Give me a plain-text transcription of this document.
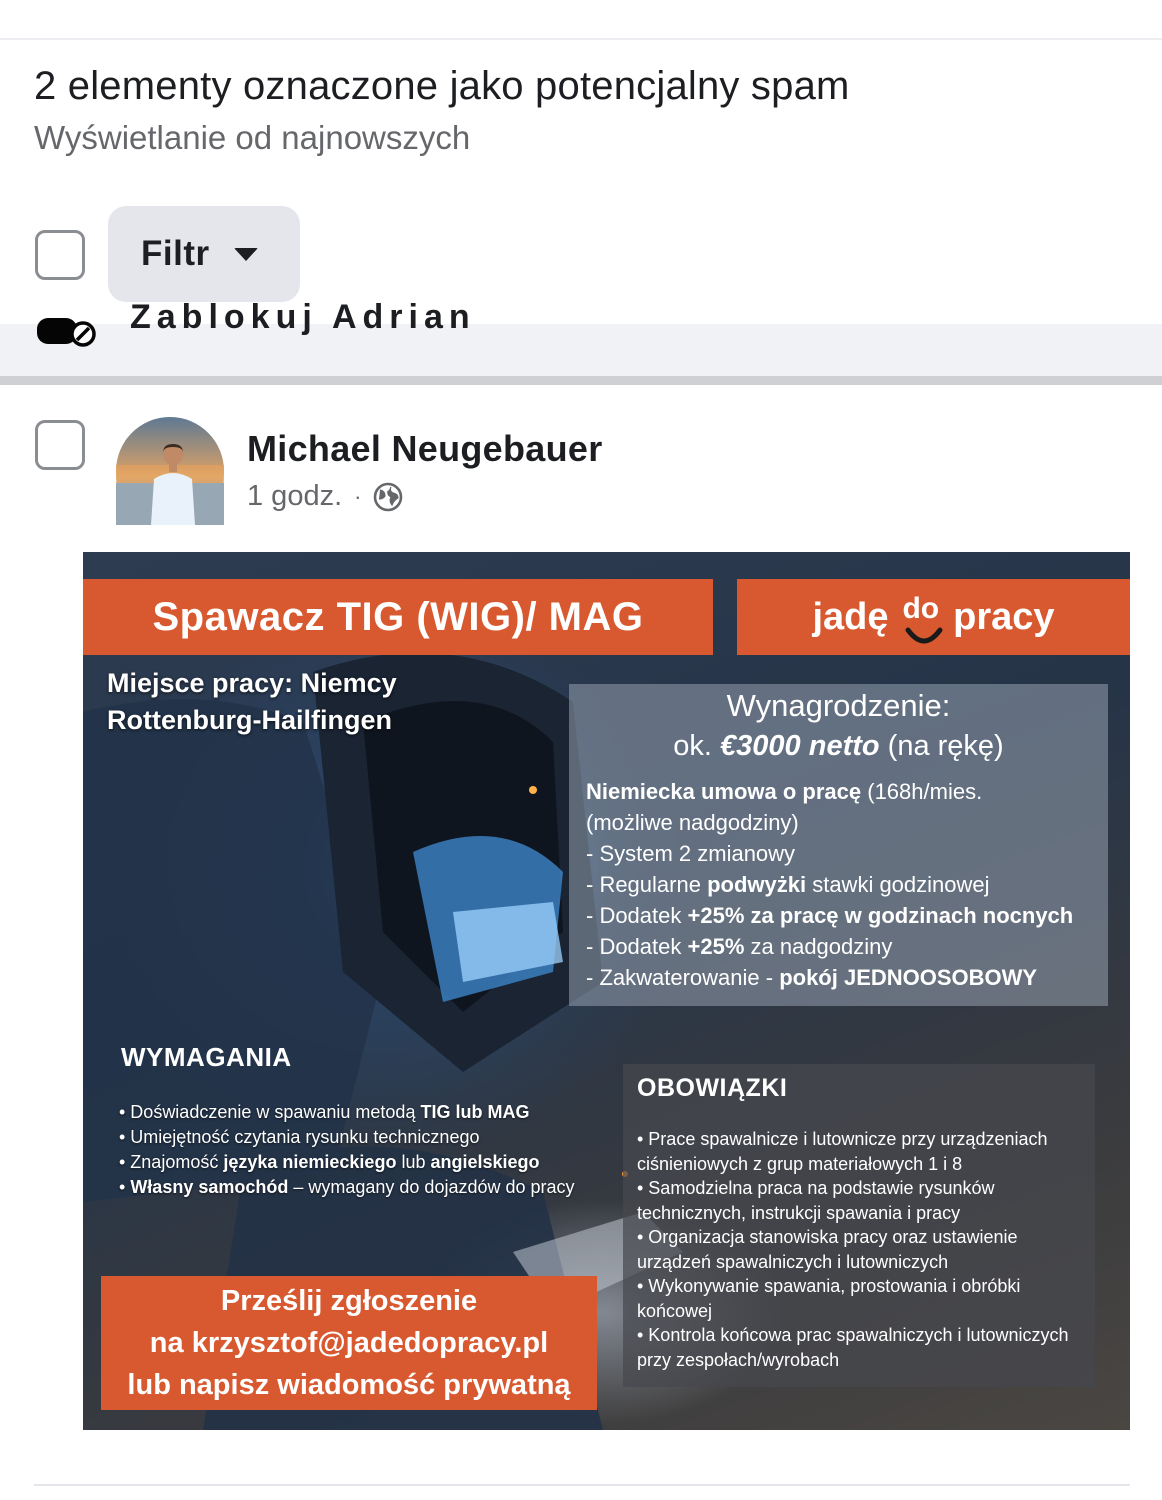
2 elementy oznaczone jako potencjalny spam
Wyświetlanie od najnowszych
Filtr
Zablokuj Adrian
Michael Neugebauer
1 godz. ·
Spawacz TIG (WIG)/ MAG	jadę do pracy
Miejsce pracy: Niemcy
Rottenburg-Hailfingen	Wynagrodzenie:
ok. €3000 netto (na rękę)
Niemiecka umowa o pracę (168h/mies.
(możliwe nadgodziny)
- System 2 zmianowy
- Regularne podwyżki stawki godzinowej
- Dodatek +25% za pracę w godzinach nocnych
- Dodatek +25% za nadgodziny
- Zakwaterowanie - pokój JEDNOOSOBOWY
WYMAGANIA
• Doświadczenie w spawaniu metodą TIG lub MAG
• Umiejętność czytania rysunku technicznego
• Znajomość języka niemieckiego lub angielskiego
• Własny samochód – wymagany do dojazdów do pracy
OBOWIĄZKI
• Prace spawalnicze i lutownicze przy urządzeniach
ciśnieniowych z grup materiałowych 1 i 8
• Samodzielna praca na podstawie rysunków
technicznych, instrukcji spawania i pracy
• Organizacja stanowiska pracy oraz ustawienie
urządzeń spawalniczych i lutowniczych
• Wykonywanie spawania, prostowania i obróbki
końcowej
• Kontrola końcowa prac spawalniczych i lutowniczych
przy zespołach/wyrobach
Prześlij zgłoszenie
na krzysztof@jadedopracy.pl
lub napisz wiadomość prywatną
